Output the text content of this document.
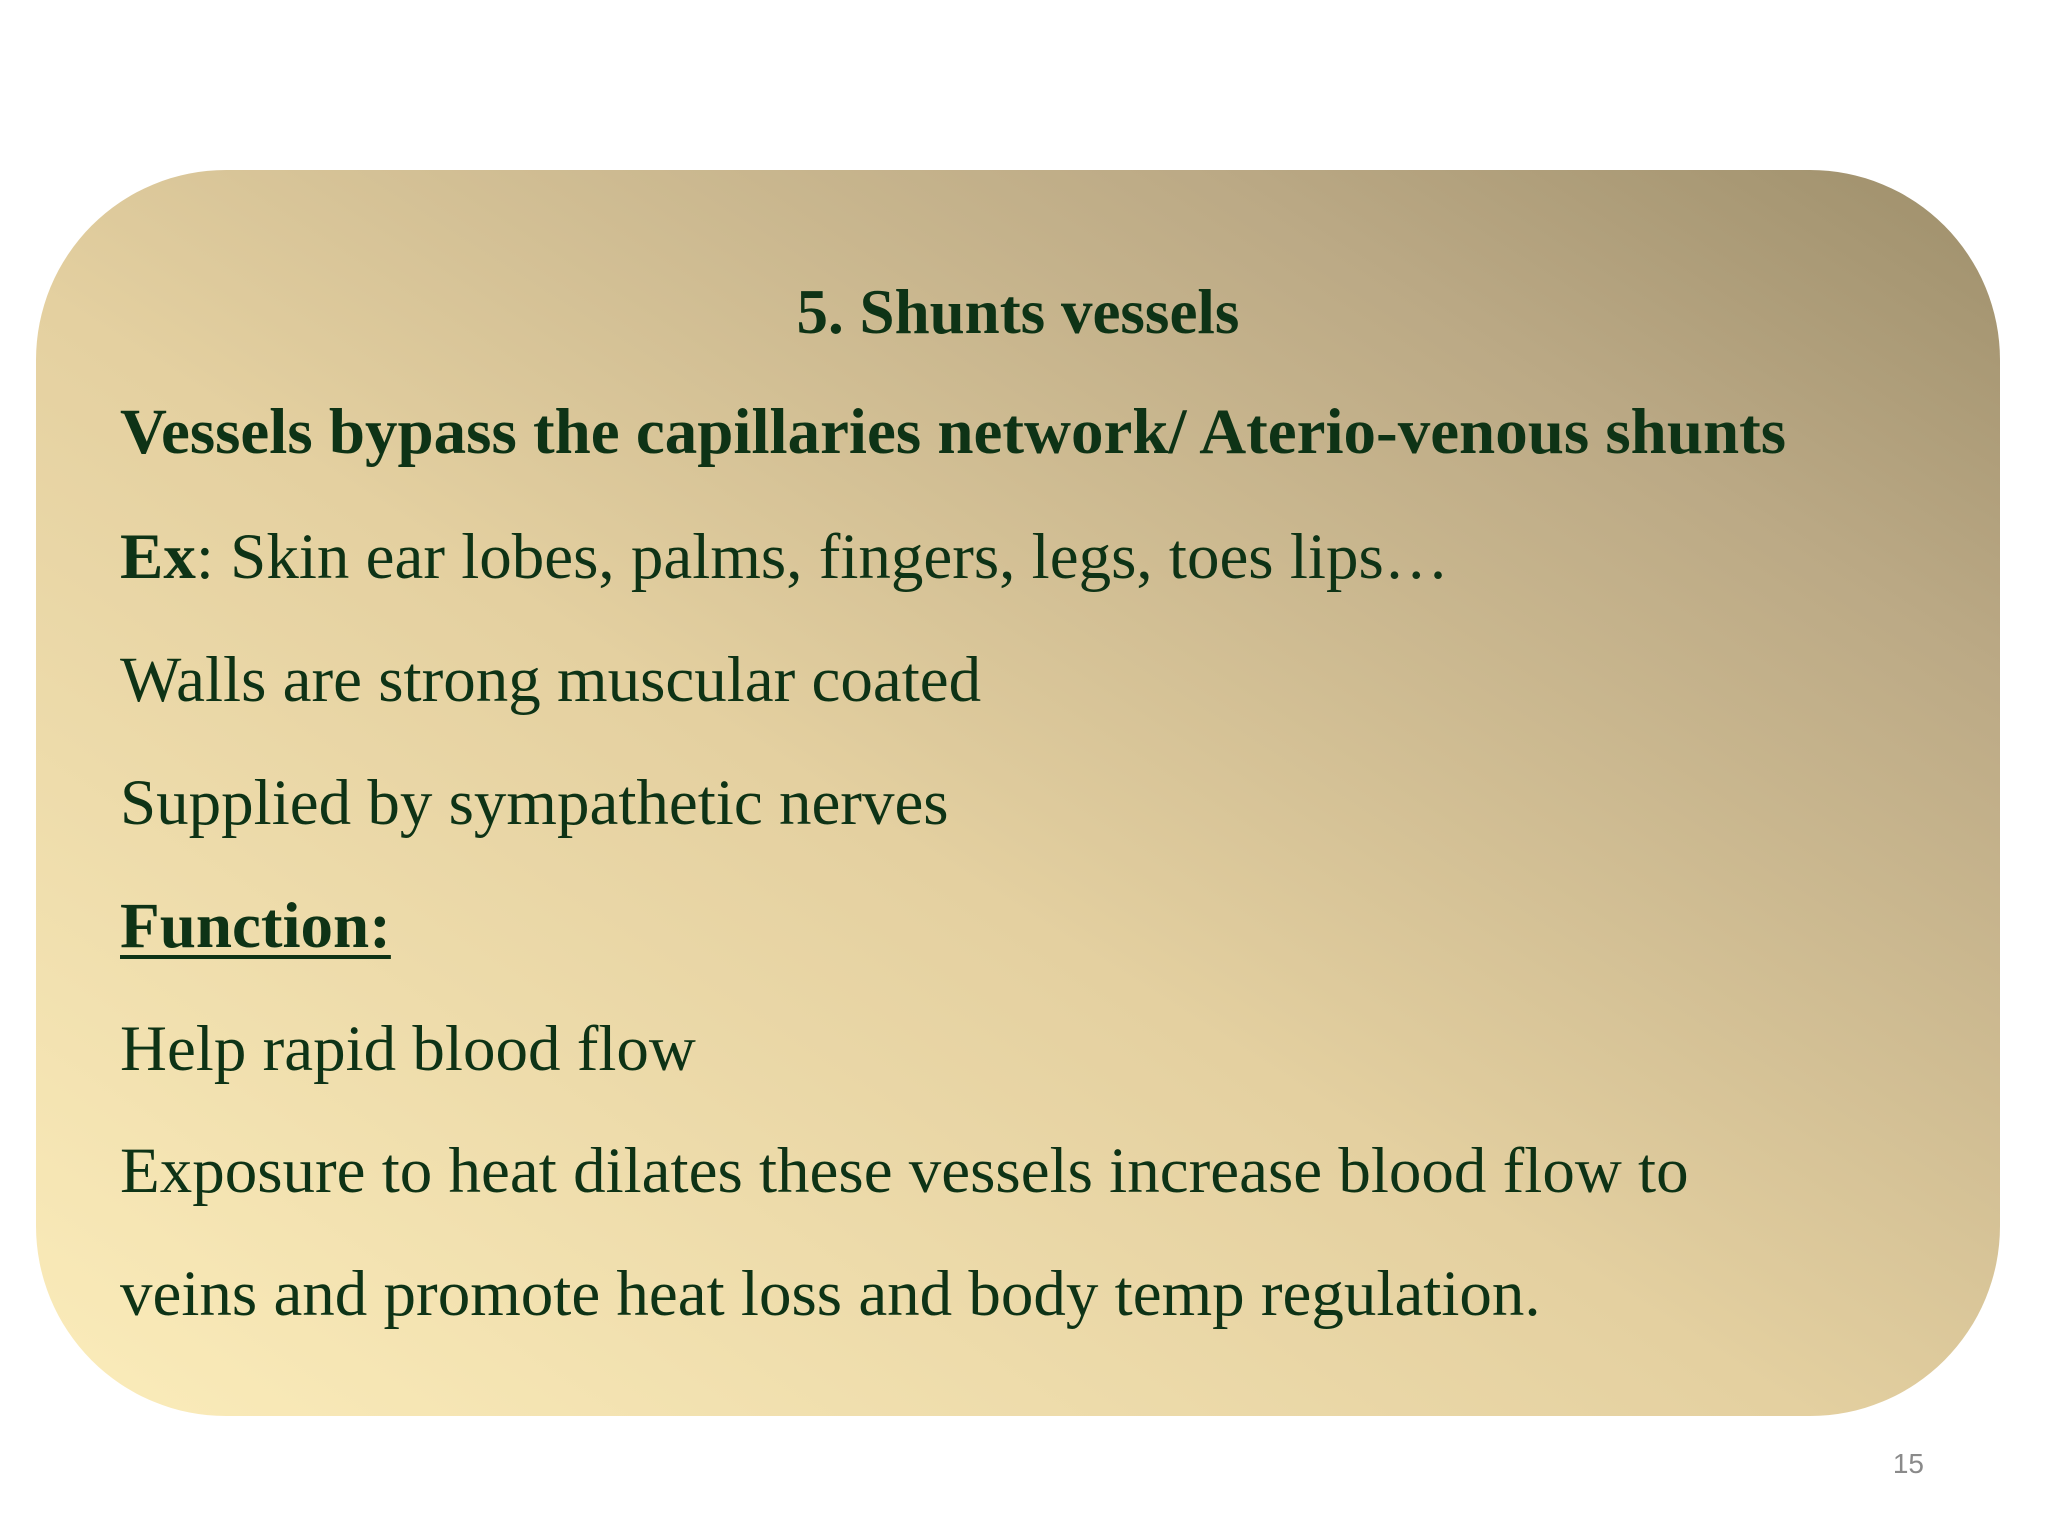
5. Shunts vessels
Vessels bypass the capillaries network/ Aterio-venous shunts
Ex: Skin ear lobes, palms, fingers, legs, toes lips…
Walls are strong muscular coated
Supplied by sympathetic nerves
Function:
Help rapid blood flow
Exposure to heat dilates these vessels increase blood flow to
veins and promote heat loss and body temp regulation.
15
